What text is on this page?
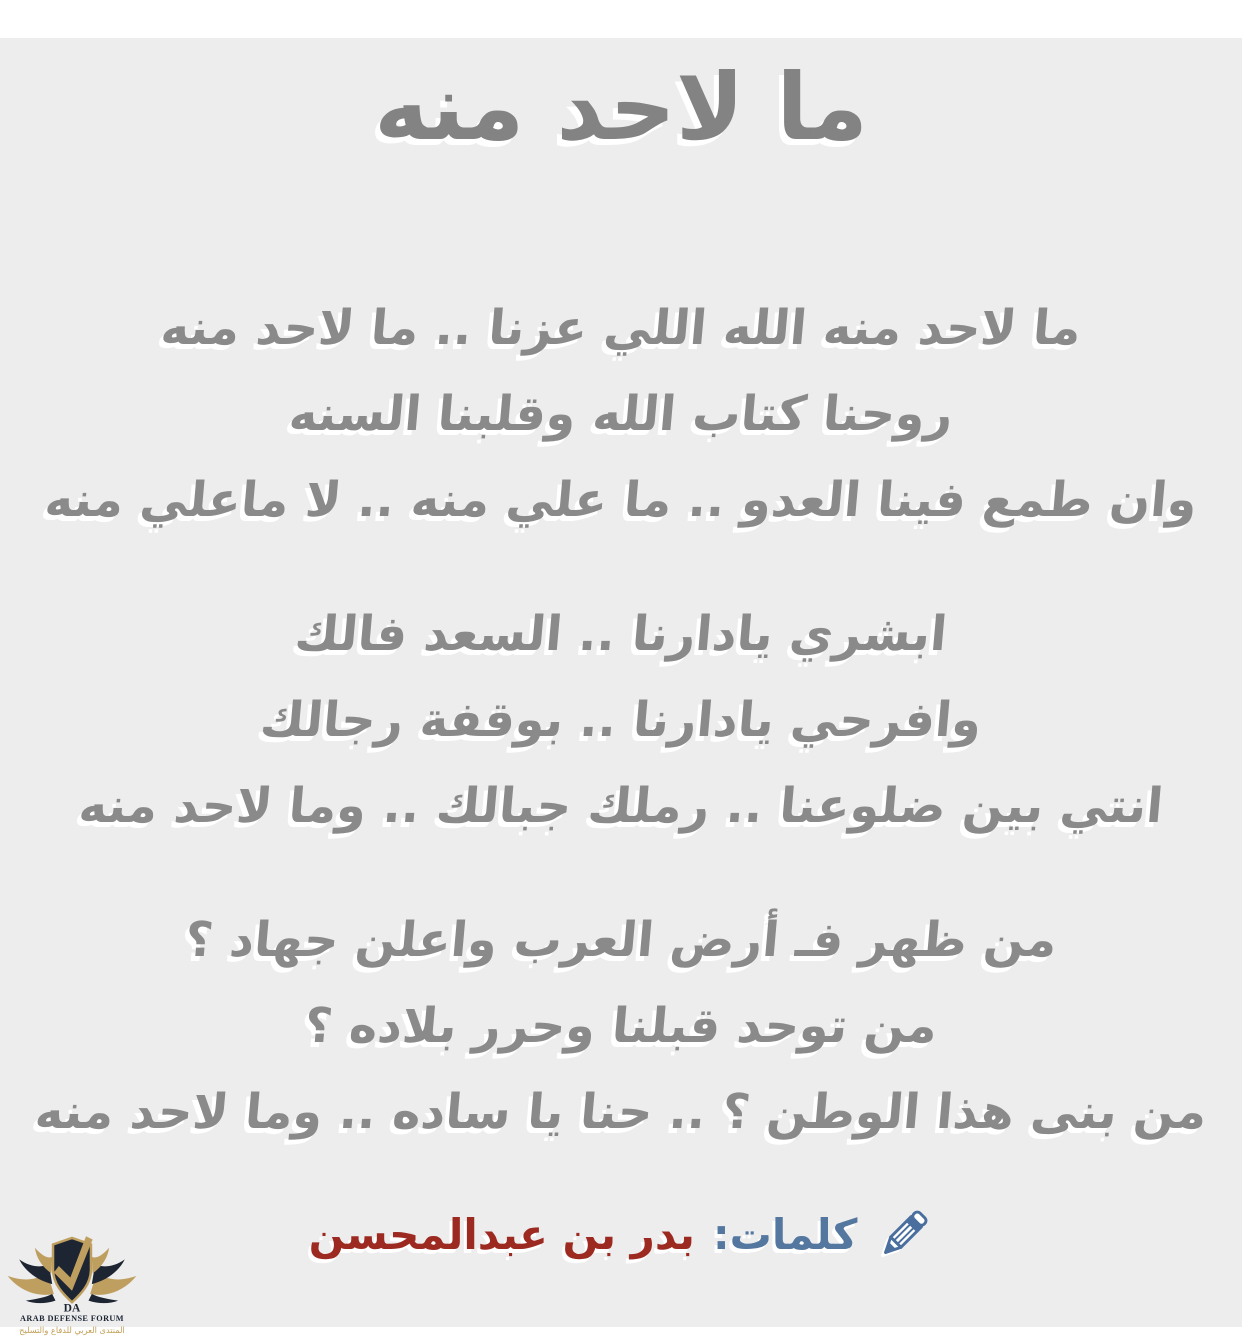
ما لاحد منه
ما لاحد منه الله اللي عزنا .. ما لاحد منه
روحنا كتاب الله وقلبنا السنه
وان طمع فينا العدو .. ما علي منه .. لا ماعلي منه
ابشري يادارنا .. السعد فالك
وافرحي يادارنا .. بوقفة رجالك
انتي بين ضلوعنا .. رملك جبالك .. وما لاحد منه
من ظهر فـ أرض العرب واعلن جهاد ؟
من توحد قبلنا وحرر بلاده ؟
من بنى هذا الوطن ؟ .. حنا يا ساده .. وما لاحد منه
كلمات:
بدر بن عبدالمحسن
DA
ARAB DEFENSE FORUM
المنتدى العربي للدفاع والتسليح
